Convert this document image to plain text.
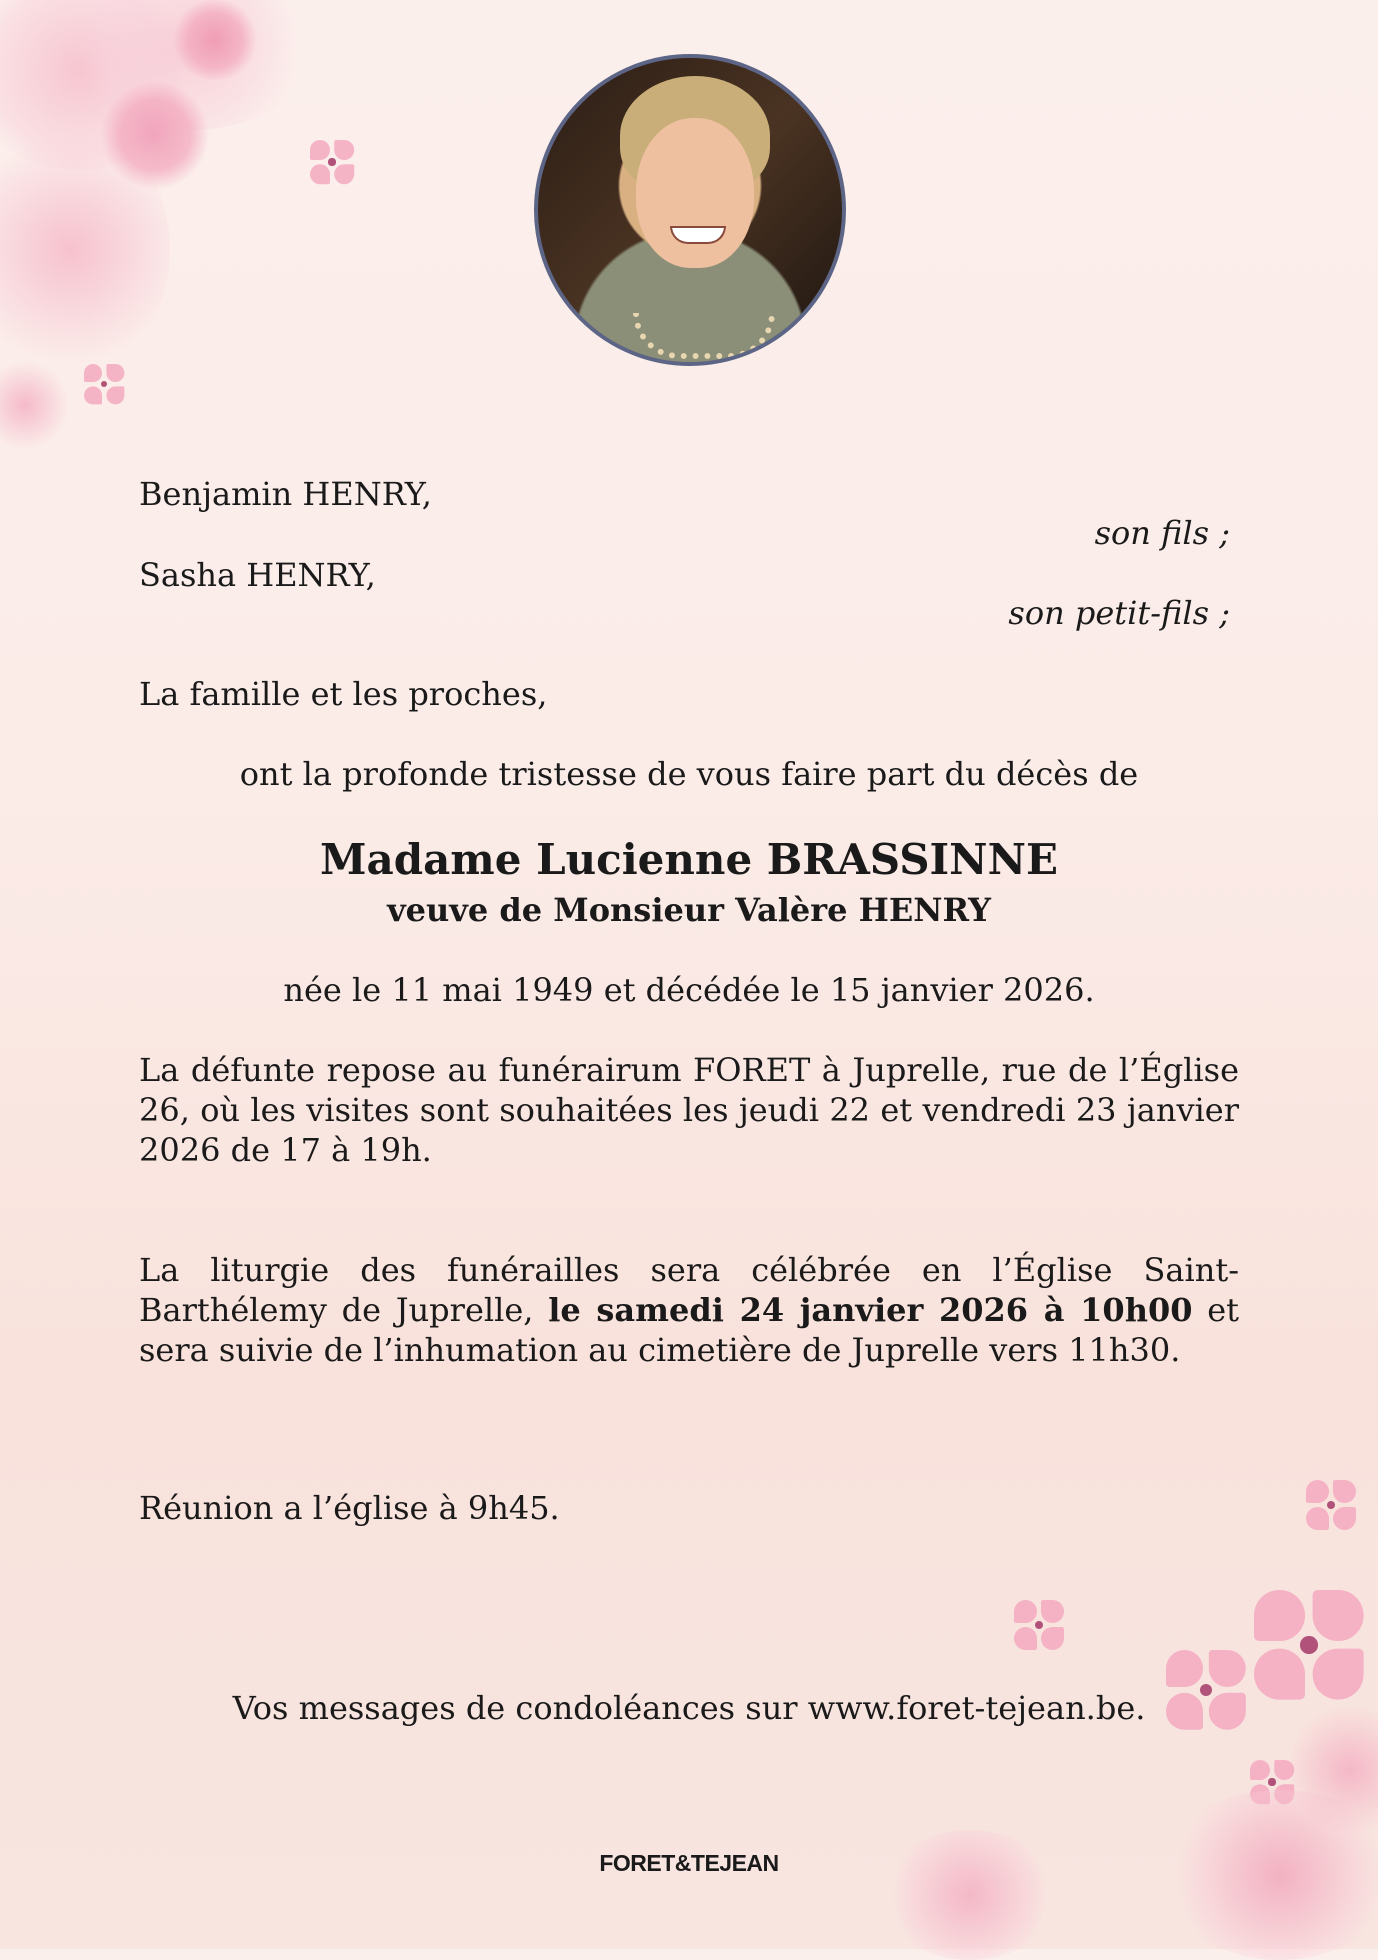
Benjamin HENRY,
son fils ;
Sasha HENRY,
son petit-fils ;
La famille et les proches,
ont la profonde tristesse de vous faire part du décès de
Madame Lucienne BRASSINNE
veuve de Monsieur Valère HENRY
née le 11 mai 1949 et décédée le 15 janvier 2026.
La défunte repose au funérairum FORET à Juprelle, rue de l’Église 26, où les visites sont souhaitées les jeudi 22 et vendredi 23 janvier 2026 de 17 à 19h.
La liturgie des funérailles sera célébrée en l’Église Saint-Barthélemy de Juprelle, le samedi 24 janvier 2026 à 10h00 et sera suivie de l’inhumation au cimetière de Juprelle vers 11h30.
Réunion a l’église à 9h45.
Vos messages de condoléances sur www.foret-tejean.be.
FORET&TEJEAN
